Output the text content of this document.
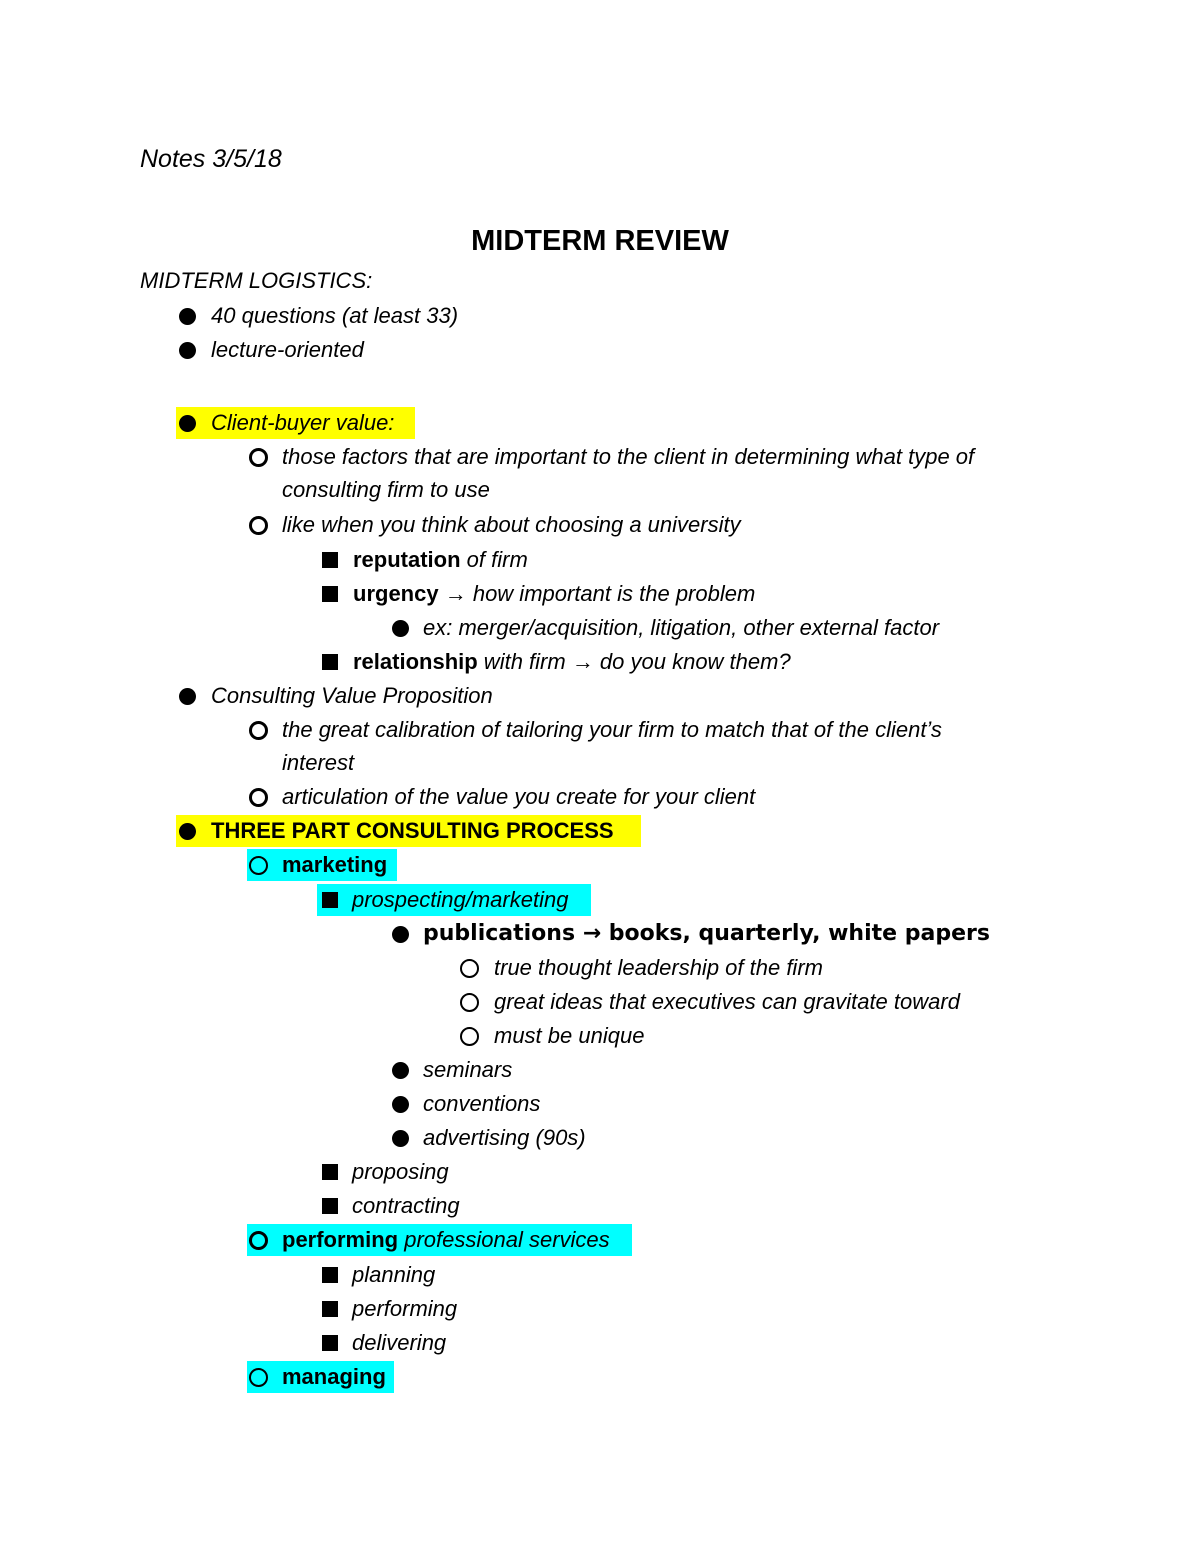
Notes 3/5/18
MIDTERM REVIEW
MIDTERM LOGISTICS:
40 questions (at least 33)
lecture-oriented
Client-buyer value:
those factors that are important to the client in determining what type of
consulting firm to use
like when you think about choosing a university
reputation of firm
urgency → how important is the problem
ex: merger/acquisition, litigation, other external factor
relationship with firm → do you know them?
Consulting Value Proposition
the great calibration of tailoring your firm to match that of the client’s
interest
articulation of the value you create for your client
THREE PART CONSULTING PROCESS
marketing
prospecting/marketing
publications → books, quarterly, white papers
true thought leadership of the firm
great ideas that executives can gravitate toward
must be unique
seminars
conventions
advertising (90s)
proposing
contracting
performing professional services
planning
performing
delivering
managing
